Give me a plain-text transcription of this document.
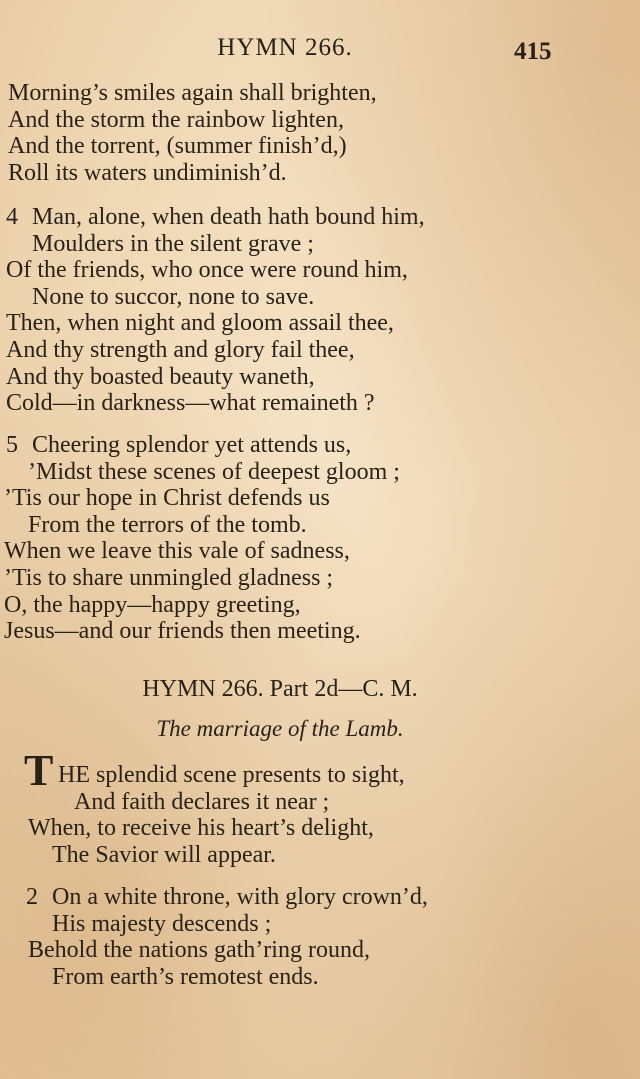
HYMN 266.	415
Morning’s smiles again shall brighten,
And the storm the rainbow lighten,
And the torrent, (summer finish’d,)
Roll its waters undiminish’d.
4 Man, alone, when death hath bound him,
Moulders in the silent grave ;
Of the friends, who once were round him,
None to succor, none to save.
Then, when night and gloom assail thee,
And thy strength and glory fail thee,
And thy boasted beauty waneth,
Cold—in darkness—what remaineth ?
5 Cheering splendor yet attends us,
’Midst these scenes of deepest gloom ;
’Tis our hope in Christ defends us
From the terrors of the tomb.
When we leave this vale of sadness,
’Tis to share unmingled gladness ;
O, the happy—happy greeting,
Jesus—and our friends then meeting.
HYMN 266. Part 2d—C. M.
The marriage of the Lamb.
THE splendid scene presents to sight,
And faith declares it near ;
When, to receive his heart’s delight,
The Savior will appear.
2 On a white throne, with glory crown’d,
His majesty descends ;
Behold the nations gath’ring round,
From earth’s remotest ends.
